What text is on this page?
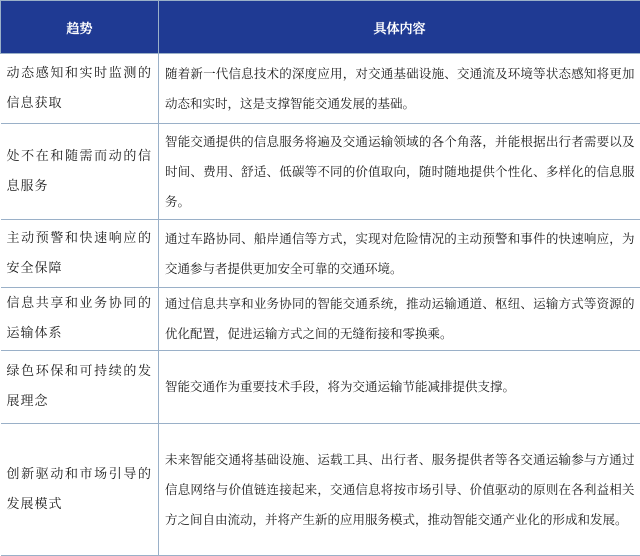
趋势	具体内容
动态感知和实时监测的信息获取	随着新一代信息技术的深度应用，对交通基础设施、交通流及环境等状态感知将更加动态和实时，这是支撑智能交通发展的基础。
处不在和随需而动的信息服务	智能交通提供的信息服务将遍及交通运输领域的各个角落，并能根据出行者需要以及时间、费用、舒适、低碳等不同的价值取向，随时随地提供个性化、多样化的信息服务。
主动预警和快速响应的安全保障	通过车路协同、船岸通信等方式，实现对危险情况的主动预警和事件的快速响应，为交通参与者提供更加安全可靠的交通环境。
信息共享和业务协同的运输体系	通过信息共享和业务协同的智能交通系统，推动运输通道、枢纽、运输方式等资源的优化配置，促进运输方式之间的无缝衔接和零换乘。
绿色环保和可持续的发展理念	智能交通作为重要技术手段，将为交通运输节能减排提供支撑。
创新驱动和市场引导的发展模式	未来智能交通将基础设施、运载工具、出行者、服务提供者等各交通运输参与方通过信息网络与价值链连接起来，交通信息将按市场引导、价值驱动的原则在各利益相关方之间自由流动，并将产生新的应用服务模式，推动智能交通产业化的形成和发展。
